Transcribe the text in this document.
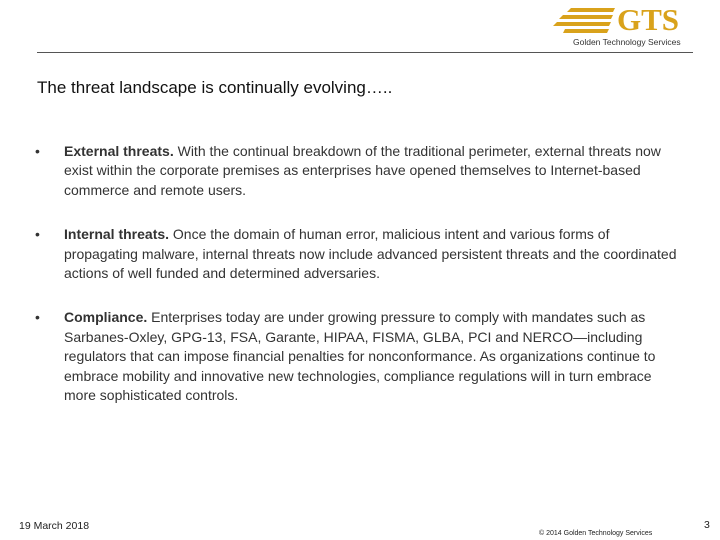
GTS
Golden Technology Services
The threat landscape is continually evolving…..
• External threats. With the continual breakdown of the traditional perimeter, external threats now exist within the corporate premises as enterprises have opened themselves to Internet-based commerce and remote users.
• Internal threats. Once the domain of human error, malicious intent and various forms of propagating malware, internal threats now include advanced persistent threats and the coordinated actions of well funded and determined adversaries.
• Compliance. Enterprises today are under growing pressure to comply with mandates such as Sarbanes-Oxley, GPG-13, FSA, Garante, HIPAA, FISMA, GLBA, PCI and NERCO—including regulators that can impose financial penalties for nonconformance. As organizations continue to embrace mobility and innovative new technologies, compliance regulations will in turn embrace more sophisticated controls.
19 March 2018
© 2014 Golden Technology Services
3
